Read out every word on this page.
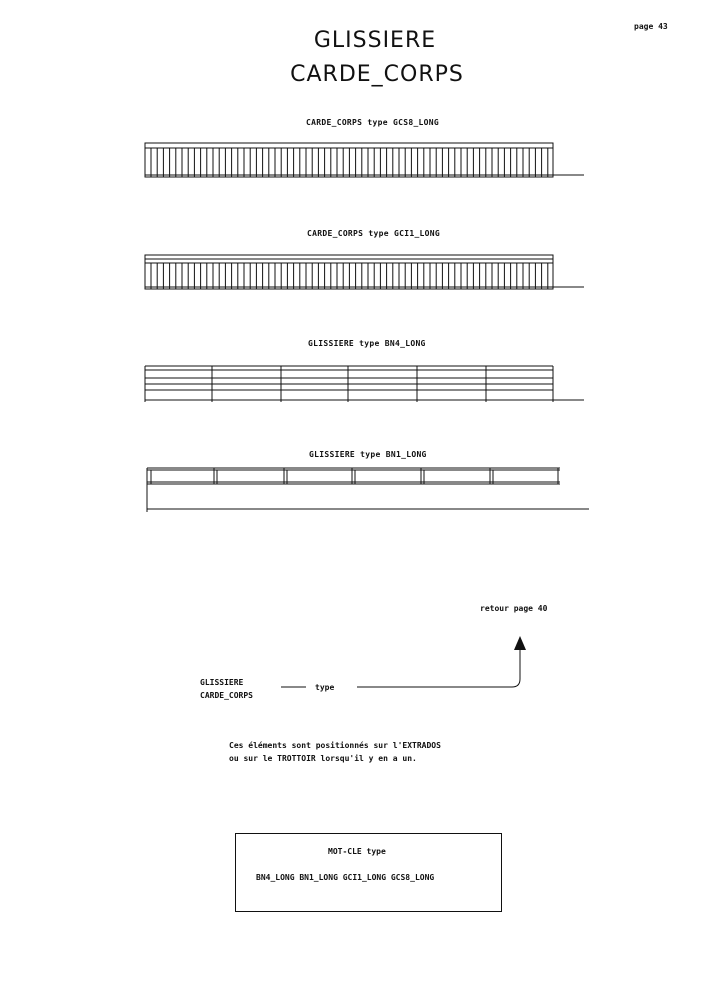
page 43
GLISSIERE
CARDE_CORPS
CARDE_CORPS type GCS8_LONG
CARDE_CORPS type GCI1_LONG
GLISSIERE type BN4_LONG
GLISSIERE type BN1_LONG
retour page 40
GLISSIERE
CARDE_CORPS
type
Ces éléments sont positionnés sur l'EXTRADOS
ou sur le TROTTOIR lorsqu'il y en a un.
MOT-CLE type
BN4_LONG BN1_LONG GCI1_LONG GCS8_LONG
